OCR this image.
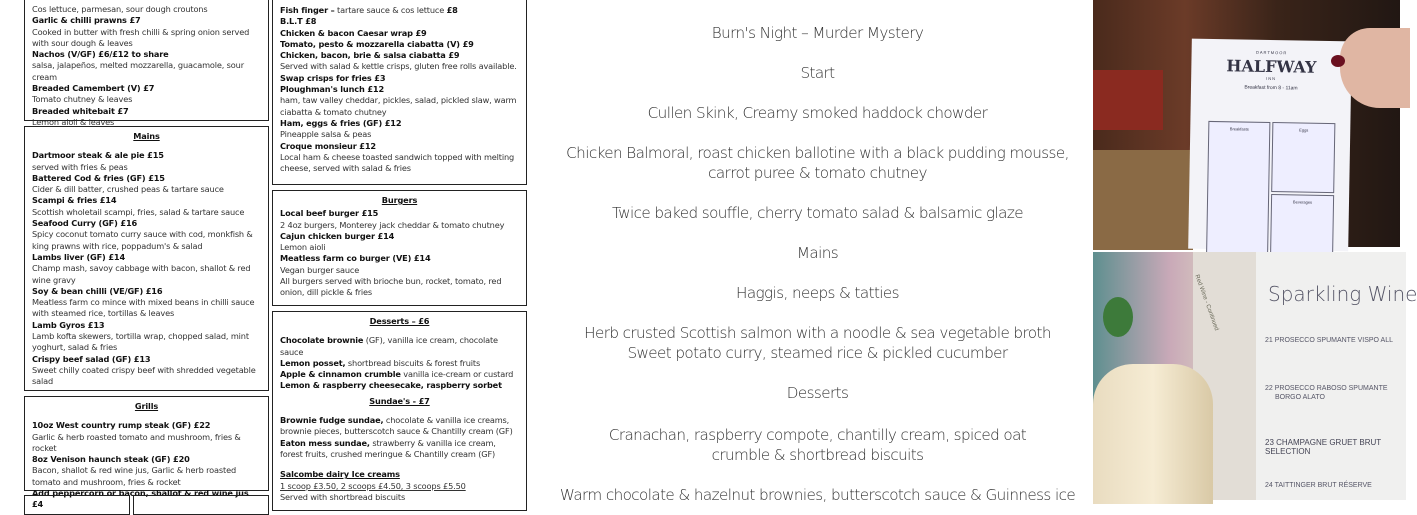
Cos lettuce, parmesan, sour dough croutons
Garlic & chilli prawns £7
Cooked in butter with fresh chilli & spring onion served with sour dough & leaves
Nachos (V/GF) £6/£12 to share
salsa, jalapeños, melted mozzarella, guacamole, sour cream
Breaded Camembert (V) £7
Tomato chutney & leaves
Breaded whitebait £7
Lemon aioli & leaves
Mains
Dartmoor steak & ale pie £15
served with fries & peas
Battered Cod & fries (GF) £15
Cider & dill batter, crushed peas & tartare sauce
Scampi & fries £14
Scottish wholetail scampi, fries, salad & tartare sauce
Seafood Curry (GF) £16
Spicy coconut tomato curry sauce with cod, monkfish & king prawns with rice, poppadum's & salad
Lambs liver (GF) £14
Champ mash, savoy cabbage with bacon, shallot & red wine gravy
Soy & bean chilli (VE/GF) £16
Meatless farm co mince with mixed beans in chilli sauce with steamed rice, tortillas & leaves
Lamb Gyros £13
Lamb kofta skewers, tortilla wrap, chopped salad, mint yoghurt, salad & fries
Crispy beef salad (GF) £13
Sweet chilly coated crispy beef with shredded vegetable salad
Grills
10oz West country rump steak (GF) £22
Garlic & herb roasted tomato and mushroom, fries & rocket
8oz Venison haunch steak (GF) £20
Bacon, shallot & red wine jus, Garlic & herb roasted tomato and mushroom, fries & rocket
Add peppercorn or bacon, shallot & red wine jus £4
Fish finger – tartare sauce & cos lettuce £8
B.L.T £8
Chicken & bacon Caesar wrap £9
Tomato, pesto & mozzarella ciabatta (V) £9
Chicken, bacon, brie & salsa ciabatta £9
Served with salad & kettle crisps, gluten free rolls available.
Swap crisps for fries £3
Ploughman's lunch £12
ham, taw valley cheddar, pickles, salad, pickled slaw, warm ciabatta & tomato chutney
Ham, eggs & fries (GF) £12
Pineapple salsa & peas
Croque monsieur £12
Local ham & cheese toasted sandwich topped with melting cheese, served with salad & fries
Burgers
Local beef burger £15
2 4oz burgers, Monterey jack cheddar & tomato chutney
Cajun chicken burger £14
Lemon aioli
Meatless farm co burger (VE) £14
Vegan burger sauce
All burgers served with brioche bun, rocket, tomato, red onion, dill pickle & fries
Desserts – £6
Chocolate brownie (GF), vanilla ice cream, chocolate sauce
Lemon posset, shortbread biscuits & forest fruits
Apple & cinnamon crumble vanilla ice-cream or custard
Lemon & raspberry cheesecake, raspberry sorbet
Sundae's - £7
Brownie fudge sundae, chocolate & vanilla ice creams, brownie pieces, butterscotch sauce & Chantilly cream (GF)
Eaton mess sundae, strawberry & vanilla ice cream, forest fruits, crushed meringue & Chantilly cream (GF)
Salcombe dairy Ice creams
1 scoop £3.50, 2 scoops £4.50, 3 scoops £5.50
Served with shortbread biscuits

Burn's Night – Murder Mystery

Start

Cullen Skink, Creamy smoked haddock chowder

Chicken Balmoral, roast chicken ballotine with a black pudding mousse, carrot puree & tomato chutney

Twice baked souffle, cherry tomato salad & balsamic glaze

Mains

Haggis, neeps & tatties

Herb crusted Scottish salmon with a noodle & sea vegetable broth

Sweet potato curry, steamed rice & pickled cucumber

Desserts

Cranachan, raspberry compote, chantilly cream, spiced oat crumble & shortbread biscuits

Warm chocolate & hazelnut brownies, butterscotch sauce & Guinness ice

DARTMOOR
HALFWAY
INN
Breakfast from 8 - 11am
Breakfasts	Eggs
Beverages
Red Wine - Continued Sparkling Wine
21 PROSECCO SPUMANTE VISPO ALL
22 PROSECCO RABOSO SPUMANTE
BORGO ALATO
23 CHAMPAGNE GRUET BRUT SELECTION
24 TAITTINGER BRUT RÉSERVE
